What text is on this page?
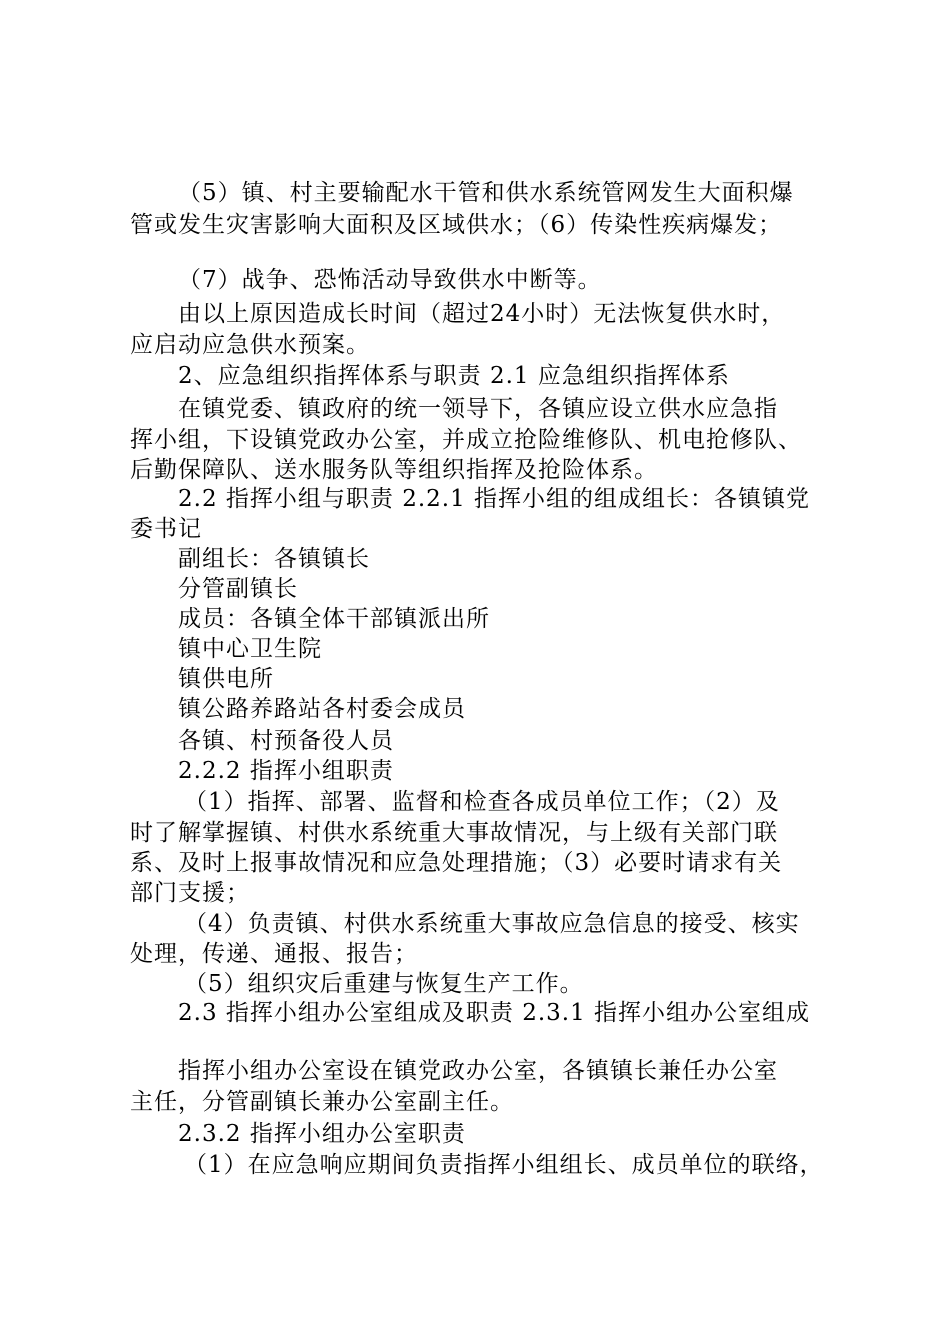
（5）镇、村主要输配水干管和供水系统管网发生大面积爆
管或发生灾害影响大面积及区域供水；（6）传染性疾病爆发；
（7）战争、恐怖活动导致供水中断等。
由以上原因造成长时间（超过24小时）无法恢复供水时，
应启动应急供水预案。
2、应急组织指挥体系与职责 2.1 应急组织指挥体系
在镇党委、镇政府的统一领导下，各镇应设立供水应急指
挥小组，下设镇党政办公室，并成立抢险维修队、机电抢修队、
后勤保障队、送水服务队等组织指挥及抢险体系。
2.2 指挥小组与职责 2.2.1 指挥小组的组成组长：各镇镇党
委书记
副组长：各镇镇长
分管副镇长
成员：各镇全体干部镇派出所
镇中心卫生院
镇供电所
镇公路养路站各村委会成员
各镇、村预备役人员
2.2.2 指挥小组职责
（1）指挥、部署、监督和检查各成员单位工作；（2）及
时了解掌握镇、村供水系统重大事故情况，与上级有关部门联
系、及时上报事故情况和应急处理措施；（3）必要时请求有关
部门支援；
（4）负责镇、村供水系统重大事故应急信息的接受、核实
处理，传递、通报、报告；
（5）组织灾后重建与恢复生产工作。
2.3 指挥小组办公室组成及职责 2.3.1 指挥小组办公室组成
指挥小组办公室设在镇党政办公室，各镇镇长兼任办公室
主任，分管副镇长兼办公室副主任。
2.3.2 指挥小组办公室职责
（1）在应急响应期间负责指挥小组组长、成员单位的联络，
